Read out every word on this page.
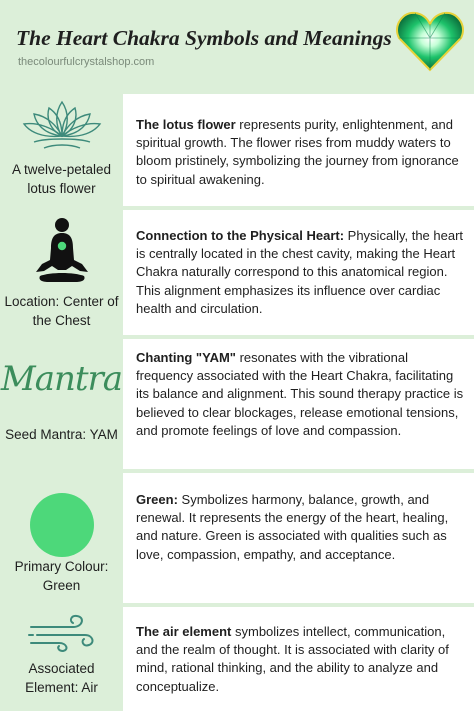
The Heart Chakra Symbols and Meanings
thecolourfulcrystalshop.com
A twelve-petaled lotus flower
The lotus flower represents purity, enlightenment, and spiritual growth. The flower rises from muddy waters to bloom pristinely, symbolizing the journey from ignorance to spiritual awakening.
Location: Center of the Chest
Connection to the Physical Heart: Physically, the heart is centrally located in the chest cavity, making the Heart Chakra naturally correspond to this anatomical region. This alignment emphasizes its influence over cardiac health and circulation.
Mantra
Seed Mantra: YAM
Chanting "YAM" resonates with the vibrational frequency associated with the Heart Chakra, facilitating its balance and alignment. This sound therapy practice is believed to clear blockages, release emotional tensions, and promote feelings of love and compassion.
Primary Colour: Green
Green: Symbolizes harmony, balance, growth, and renewal. It represents the energy of the heart, healing, and nature. Green is associated with qualities such as love, compassion, empathy, and acceptance.
Associated Element: Air
The air element symbolizes intellect, communication, and the realm of thought. It is associated with clarity of mind, rational thinking, and the ability to analyze and conceptualize.
